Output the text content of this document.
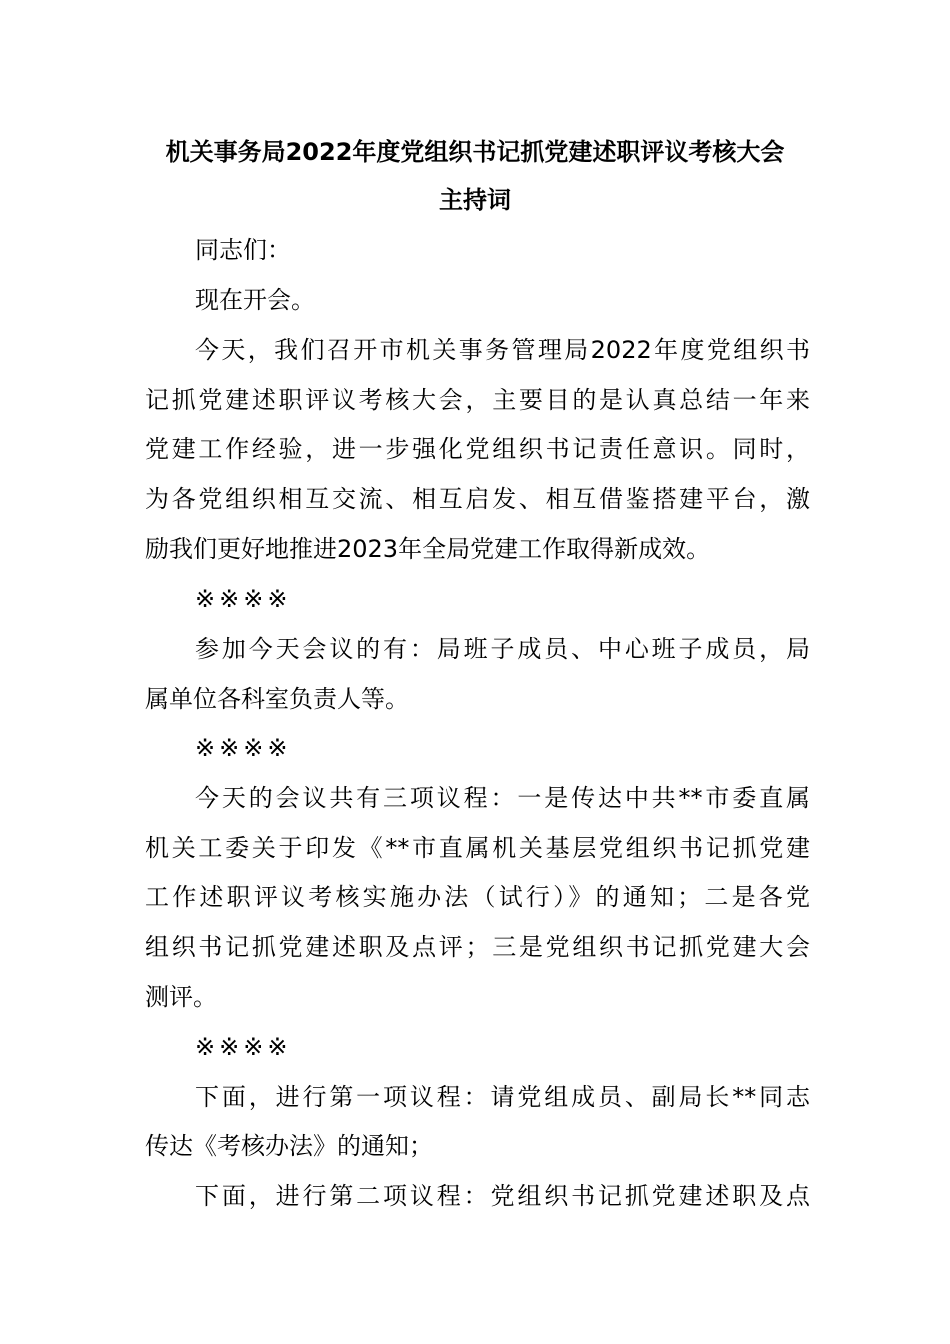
机关事务局2022年度党组织书记抓党建述职评议考核大会
主持词
同志们：
现在开会。
今天，我们召开市机关事务管理局2022年度党组织书
记抓党建述职评议考核大会，主要目的是认真总结一年来
党建工作经验，进一步强化党组织书记责任意识。同时，
为各党组织相互交流、相互启发、相互借鉴搭建平台，激
励我们更好地推进2023年全局党建工作取得新成效。
※※※※
参加今天会议的有：局班子成员、中心班子成员，局
属单位各科室负责人等。
※※※※
今天的会议共有三项议程：一是传达中共**市委直属
机关工委关于印发《**市直属机关基层党组织书记抓党建
工作述职评议考核实施办法（试行）》的通知；二是各党
组织书记抓党建述职及点评；三是党组织书记抓党建大会
测评。
※※※※
下面，进行第一项议程：请党组成员、副局长**同志
传达《考核办法》的通知；
下面，进行第二项议程：党组织书记抓党建述职及点
